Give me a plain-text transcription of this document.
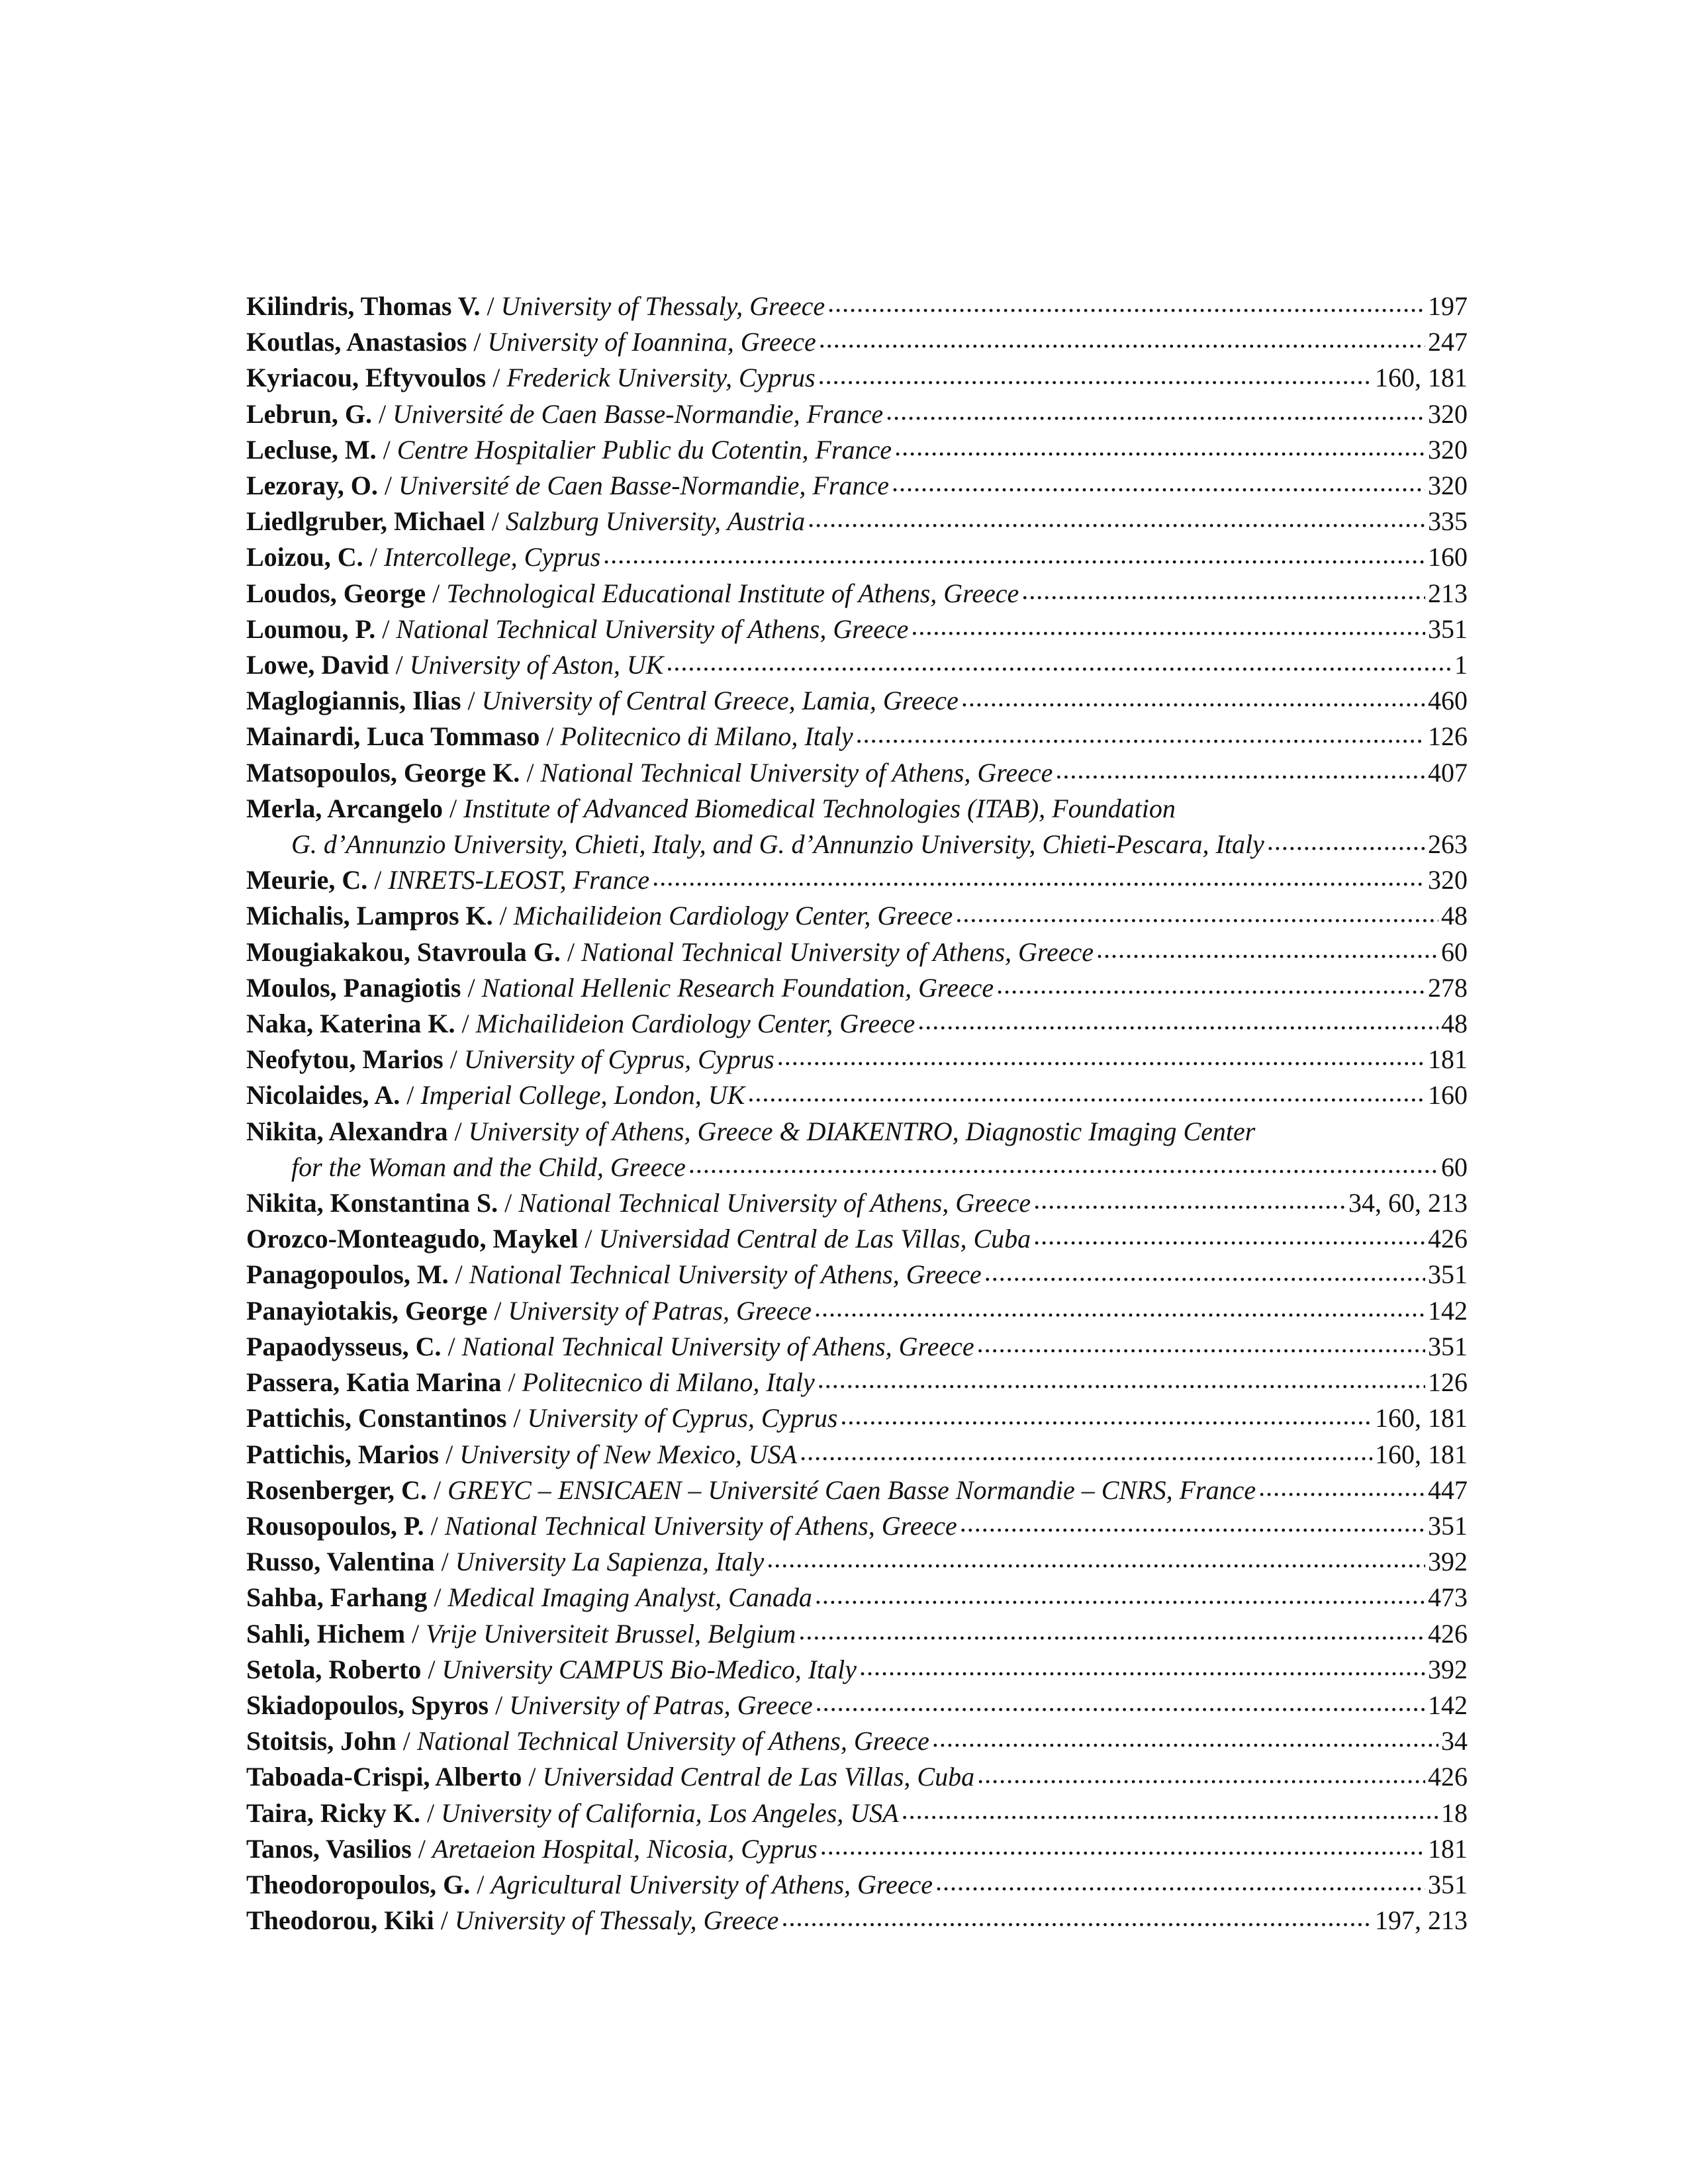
Kilindris, Thomas V. / University of Thessaly, Greece .....	197
Koutlas, Anastasios / University of Ioannina, Greece .....	247
Kyriacou, Eftyvoulos / Frederick University, Cyprus .....	160, 181
Lebrun, G. / Université de Caen Basse-Normandie, France .....	320
Lecluse, M. / Centre Hospitalier Public du Cotentin, France .....	320
Lezoray, O. / Université de Caen Basse-Normandie, France .....	320
Liedlgruber, Michael / Salzburg University, Austria .....	335
Loizou, C. / Intercollege, Cyprus .....	160
Loudos, George / Technological Educational Institute of Athens, Greece .....	213
Loumou, P. / National Technical University of Athens, Greece .....	351
Lowe, David / University of Aston, UK .....	1
Maglogiannis, Ilias / University of Central Greece, Lamia, Greece .....	460
Mainardi, Luca Tommaso / Politecnico di Milano, Italy .....	126
Matsopoulos, George K. / National Technical University of Athens, Greece .....	407
Merla, Arcangelo / Institute of Advanced Biomedical Technologies (ITAB), Foundation
G. d’Annunzio University, Chieti, Italy, and G. d’Annunzio University, Chieti-Pescara, Italy .....	263
Meurie, C. / INRETS-LEOST, France .....	320
Michalis, Lampros K. / Michailideion Cardiology Center, Greece .....	48
Mougiakakou, Stavroula G. / National Technical University of Athens, Greece .....	60
Moulos, Panagiotis / National Hellenic Research Foundation, Greece .....	278
Naka, Katerina K. / Michailideion Cardiology Center, Greece .....	48
Neofytou, Marios / University of Cyprus, Cyprus .....	181
Nicolaides, A. / Imperial College, London, UK .....	160
Nikita, Alexandra / University of Athens, Greece & DIAKENTRO, Diagnostic Imaging Center
for the Woman and the Child, Greece .....	60
Nikita, Konstantina S. / National Technical University of Athens, Greece .....	34, 60, 213
Orozco-Monteagudo, Maykel / Universidad Central de Las Villas, Cuba .....	426
Panagopoulos, M. / National Technical University of Athens, Greece .....	351
Panayiotakis, George / University of Patras, Greece .....	142
Papaodysseus, C. / National Technical University of Athens, Greece .....	351
Passera, Katia Marina / Politecnico di Milano, Italy .....	126
Pattichis, Constantinos / University of Cyprus, Cyprus .....	160, 181
Pattichis, Marios / University of New Mexico, USA .....	160, 181
Rosenberger, C. / GREYC – ENSICAEN – Université Caen Basse Normandie – CNRS, France .....	447
Rousopoulos, P. / National Technical University of Athens, Greece .....	351
Russo, Valentina / University La Sapienza, Italy .....	392
Sahba, Farhang / Medical Imaging Analyst, Canada .....	473
Sahli, Hichem / Vrije Universiteit Brussel, Belgium .....	426
Setola, Roberto / University CAMPUS Bio-Medico, Italy .....	392
Skiadopoulos, Spyros / University of Patras, Greece .....	142
Stoitsis, John / National Technical University of Athens, Greece .....	34
Taboada-Crispi, Alberto / Universidad Central de Las Villas, Cuba .....	426
Taira, Ricky K. / University of California, Los Angeles, USA .....	18
Tanos, Vasilios / Aretaeion Hospital, Nicosia, Cyprus .....	181
Theodoropoulos, G. / Agricultural University of Athens, Greece .....	351
Theodorou, Kiki / University of Thessaly, Greece .....	197, 213
